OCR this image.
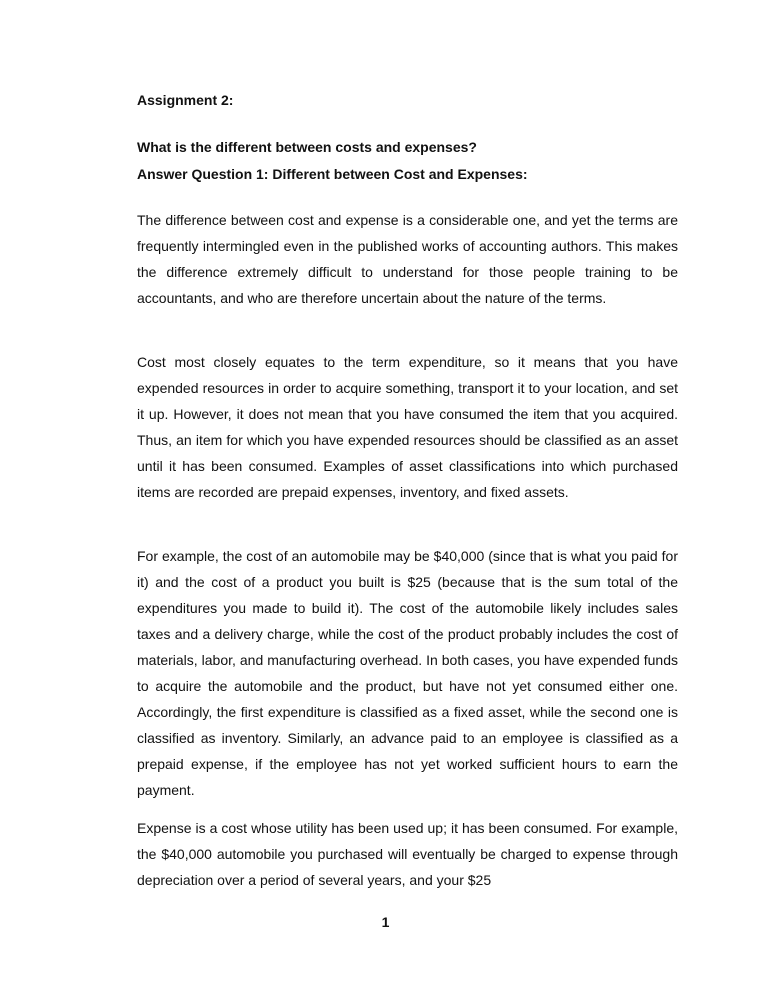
Assignment 2:

What is the different between costs and expenses?

Answer Question 1: Different between Cost and Expenses:

The difference between cost and expense is a considerable one, and yet the terms are frequently intermingled even in the published works of accounting authors. This makes the difference extremely difficult to understand for those people training to be accountants, and who are therefore uncertain about the nature of the terms.

Cost most closely equates to the term expenditure, so it means that you have expended resources in order to acquire something, transport it to your location, and set it up. However, it does not mean that you have consumed the item that you acquired. Thus, an item for which you have expended resources should be classified as an asset until it has been consumed. Examples of asset classifications into which purchased items are recorded are prepaid expenses, inventory, and fixed assets.

For example, the cost of an automobile may be $40,000 (since that is what you paid for it) and the cost of a product you built is $25 (because that is the sum total of the expenditures you made to build it). The cost of the automobile likely includes sales taxes and a delivery charge, while the cost of the product probably includes the cost of materials, labor, and manufacturing overhead. In both cases, you have expended funds to acquire the automobile and the product, but have not yet consumed either one. Accordingly, the first expenditure is classified as a fixed asset, while the second one is classified as inventory. Similarly, an advance paid to an employee is classified as a prepaid expense, if the employee has not yet worked sufficient hours to earn the payment.

Expense is a cost whose utility has been used up; it has been consumed. For example, the $40,000 automobile you purchased will eventually be charged to expense through depreciation over a period of several years, and your $25

1
